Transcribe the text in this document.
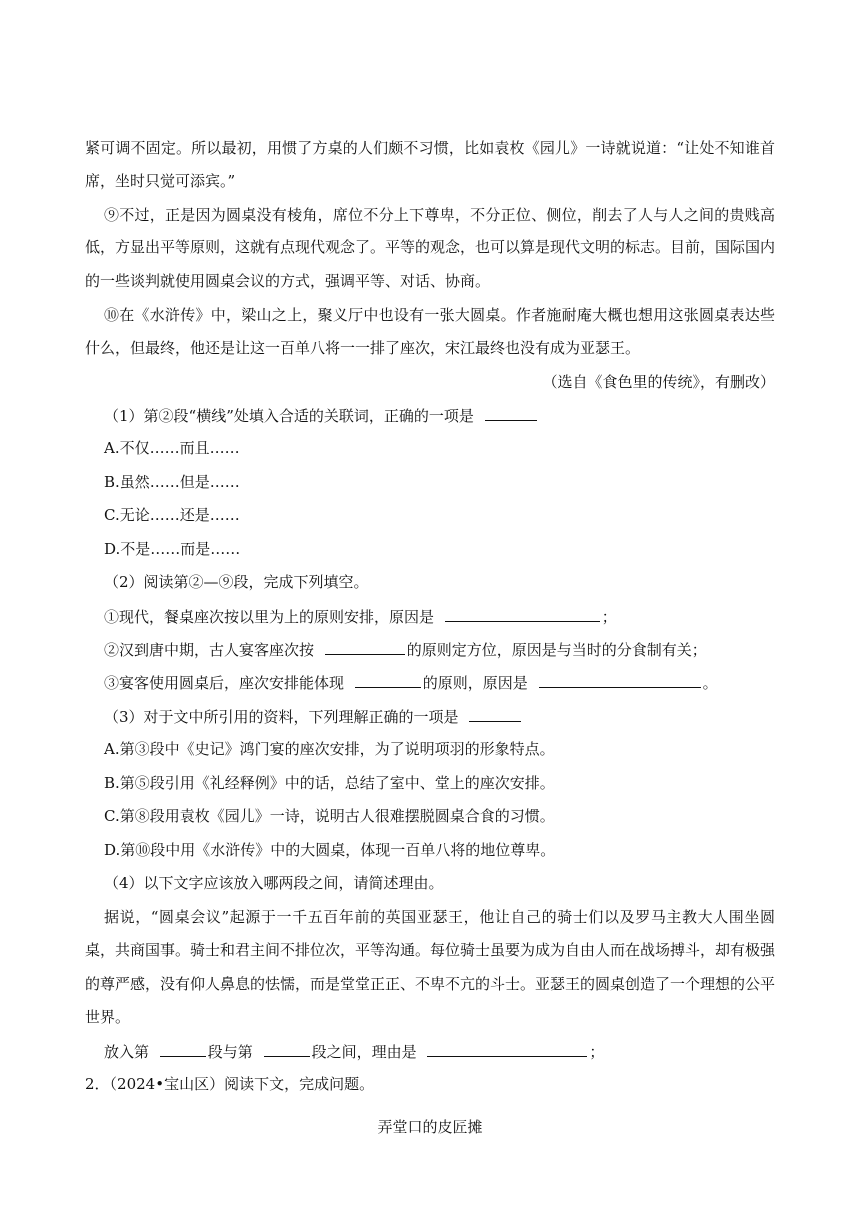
紧可调不固定。所以最初，用惯了方桌的人们颇不习惯，比如袁枚《园儿》一诗就说道：“让处不知谁首
席，坐时只觉可添宾。”
⑨不过，正是因为圆桌没有棱角，席位不分上下尊卑，不分正位、侧位，削去了人与人之间的贵贱高
低，方显出平等原则，这就有点现代观念了。平等的观念，也可以算是现代文明的标志。目前，国际国内
的一些谈判就使用圆桌会议的方式，强调平等、对话、协商。
⑩在《水浒传》中，梁山之上，聚义厅中也设有一张大圆桌。作者施耐庵大概也想用这张圆桌表达些
什么，但最终，他还是让这一百单八将一一排了座次，宋江最终也没有成为亚瑟王。
（选自《食色里的传统》，有删改）
（1）第②段“横线”处填入合适的关联词，正确的一项是
A.不仅……而且……
B.虽然……但是……
C.无论……还是……
D.不是……而是……
（2）阅读第②—⑨段，完成下列填空。
①现代，餐桌座次按以里为上的原则安排，原因是	；
②汉到唐中期，古人宴客座次按	的原则定方位，原因是与当时的分食制有关；
③宴客使用圆桌后，座次安排能体现	的原则，原因是	。
（3）对于文中所引用的资料，下列理解正确的一项是
A.第③段中《史记》鸿门宴的座次安排，为了说明项羽的形象特点。
B.第⑤段引用《礼经释例》中的话，总结了室中、堂上的座次安排。
C.第⑧段用袁枚《园儿》一诗，说明古人很难摆脱圆桌合食的习惯。
D.第⑩段中用《水浒传》中的大圆桌，体现一百单八将的地位尊卑。
（4）以下文字应该放入哪两段之间，请简述理由。
据说，“圆桌会议”起源于一千五百年前的英国亚瑟王，他让自己的骑士们以及罗马主教大人围坐圆
桌，共商国事。骑士和君主间不排位次，平等沟通。每位骑士虽要为成为自由人而在战场搏斗，却有极强
的尊严感，没有仰人鼻息的怯懦，而是堂堂正正、不卑不亢的斗士。亚瑟王的圆桌创造了一个理想的公平
世界。
放入第	段与第	段之间，理由是	；
2．（2024•宝山区）阅读下文，完成问题。
弄堂口的皮匠摊
